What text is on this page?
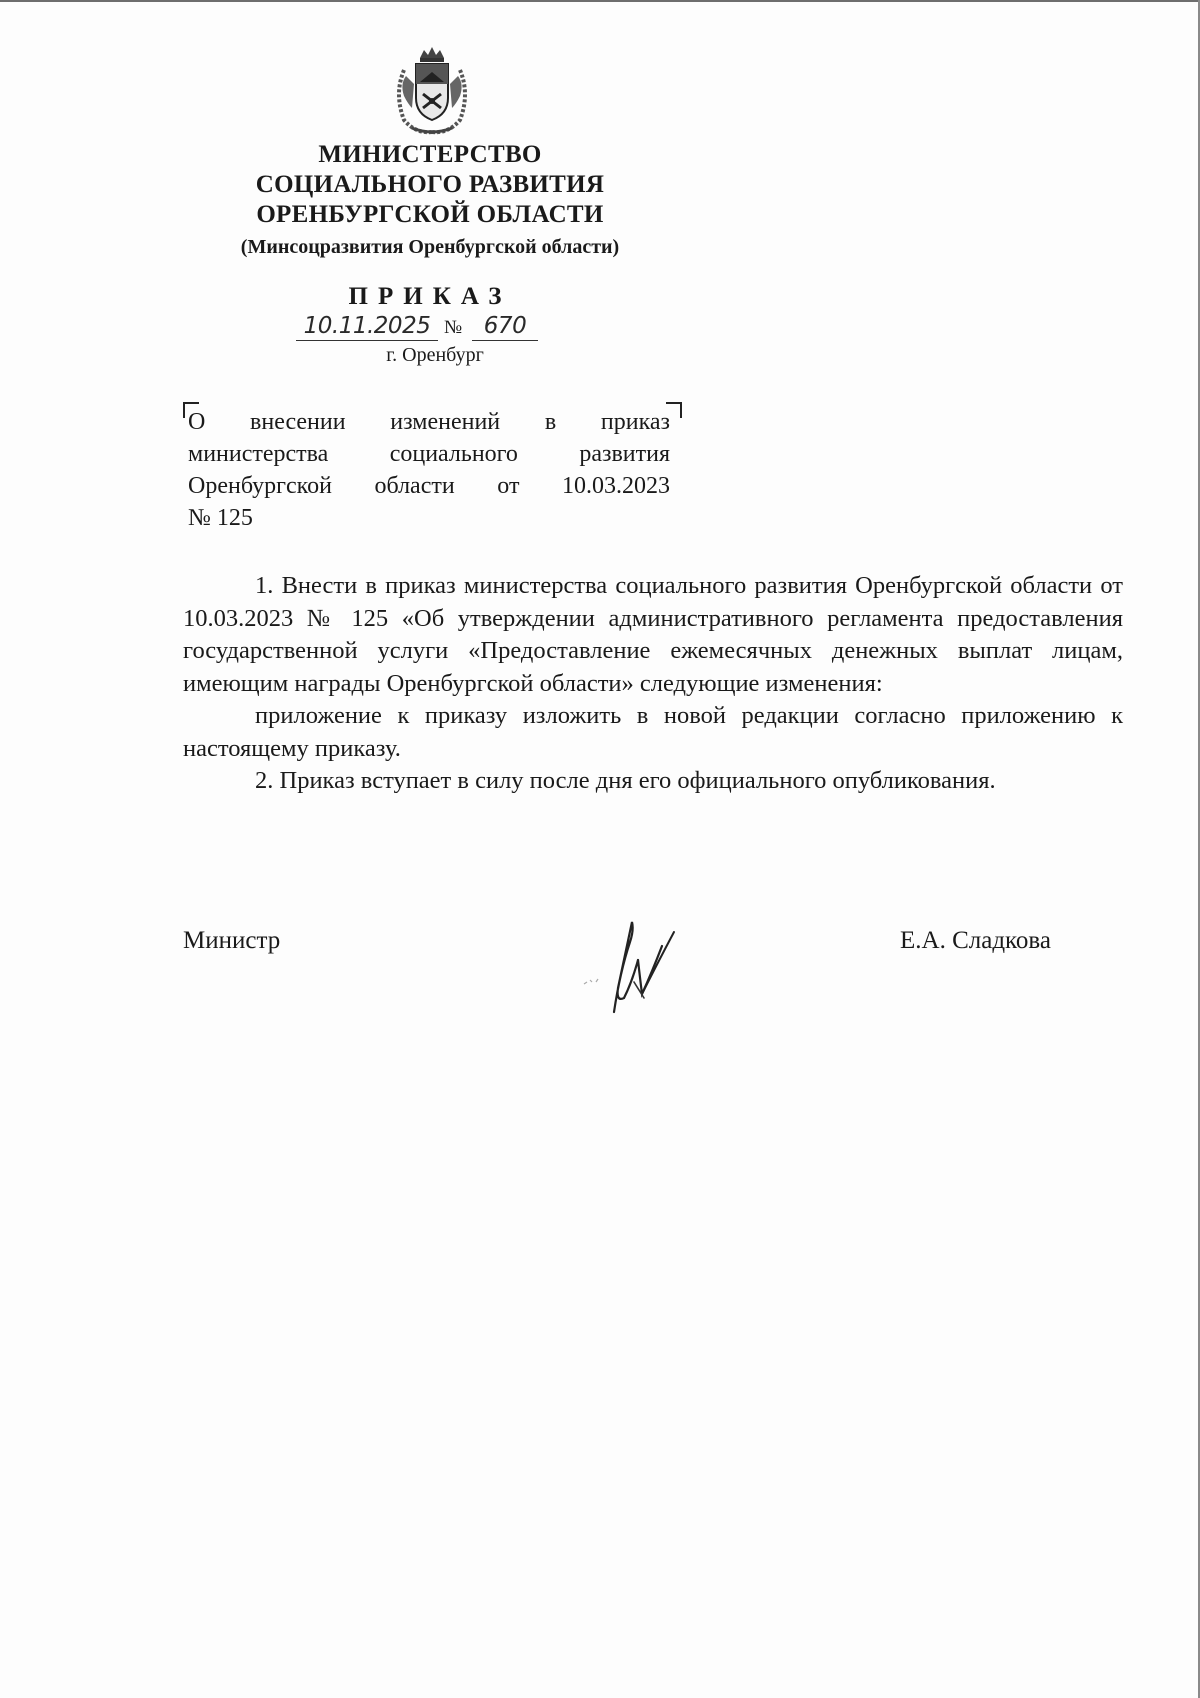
МИНИСТЕРСТВО
СОЦИАЛЬНОГО РАЗВИТИЯ
ОРЕНБУРГСКОЙ ОБЛАСТИ
(Минсоцразвития Оренбургской области)
ПРИКАЗ
10.11.2025 № 670
г. Оренбург
О внесении изменений в приказ
министерства социального развития
Оренбургской области от 10.03.2023
№ 125

1. Внести в приказ министерства социального развития Оренбургской области от 10.03.2023 № 125 «Об утверждении административного регламента предоставления государственной услуги «Предоставление ежемесячных денежных выплат лицам, имеющим награды Оренбургской области» следующие изменения:

приложение к приказу изложить в новой редакции согласно приложению к настоящему приказу.

2. Приказ вступает в силу после дня его официального опубликования.

Министр	Е.А. Сладкова
